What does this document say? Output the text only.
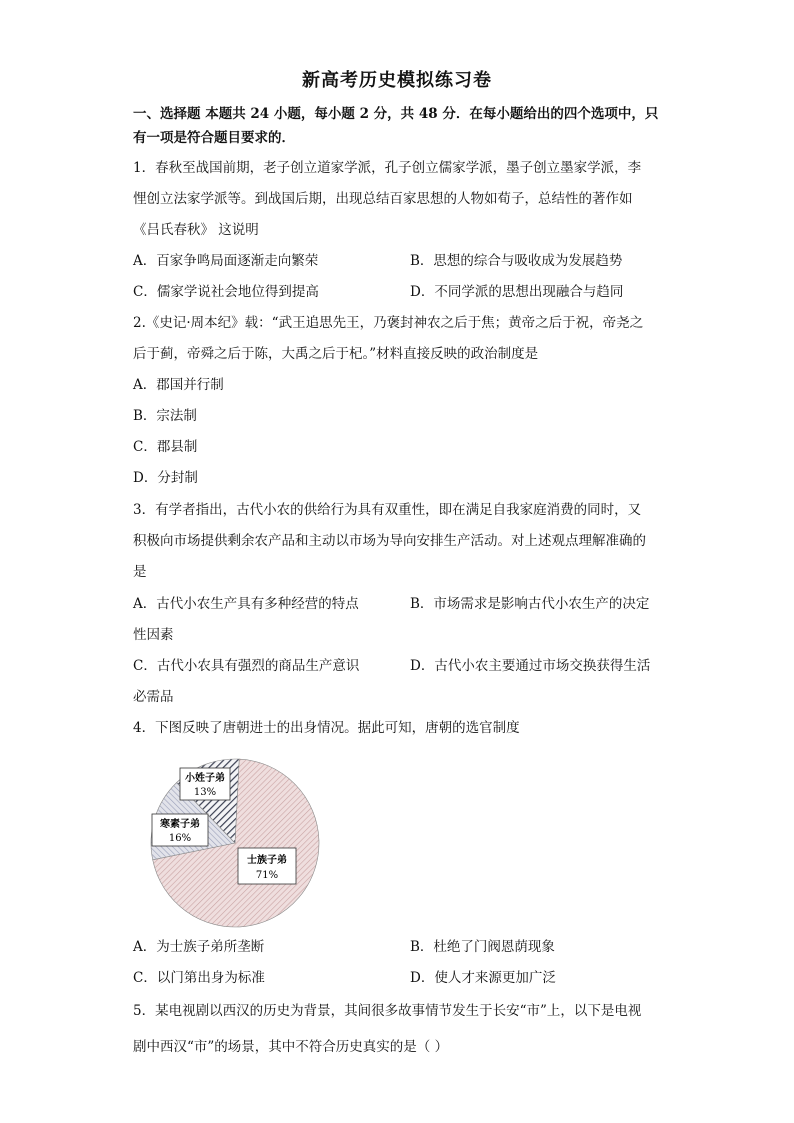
新高考历史模拟练习卷
一、选择题 本题共 24 小题，每小题 2 分，共 48 分．在每小题给出的四个选项中，只
有一项是符合题目要求的．
1．春秋至战国前期，老子创立道家学派，孔子创立儒家学派，墨子创立墨家学派，李
悝创立法家学派等。到战国后期，出现总结百家思想的人物如荀子，总结性的著作如
《吕氏春秋》 这说明
A．百家争鸣局面逐渐走向繁荣	B．思想的综合与吸收成为发展趋势
C．儒家学说社会地位得到提高	D．不同学派的思想出现融合与趋同
2.《史记·周本纪》载：“武王追思先王，乃褒封神农之后于焦；黄帝之后于祝，帝尧之
后于蓟，帝舜之后于陈，大禹之后于杞。”材料直接反映的政治制度是
A．郡国并行制
B．宗法制
C．郡县制
D．分封制
3．有学者指出，古代小农的供给行为具有双重性，即在满足自我家庭消费的同时，又
积极向市场提供剩余农产品和主动以市场为导向安排生产活动。对上述观点理解准确的
是
A．古代小农生产具有多种经营的特点	B．市场需求是影响古代小农生产的决定
性因素
C．古代小农具有强烈的商品生产意识	D．古代小农主要通过市场交换获得生活
必需品
4．下图反映了唐朝进士的出身情况。据此可知，唐朝的选官制度
小姓子弟
13%
寒素子弟
16%
士族子弟
71%
A．为士族子弟所垄断	B．杜绝了门阀恩荫现象
C．以门第出身为标准	D．使人才来源更加广泛
5．某电视剧以西汉的历史为背景，其间很多故事情节发生于长安“市”上，以下是电视
剧中西汉“市”的场景，其中不符合历史真实的是（ ）
